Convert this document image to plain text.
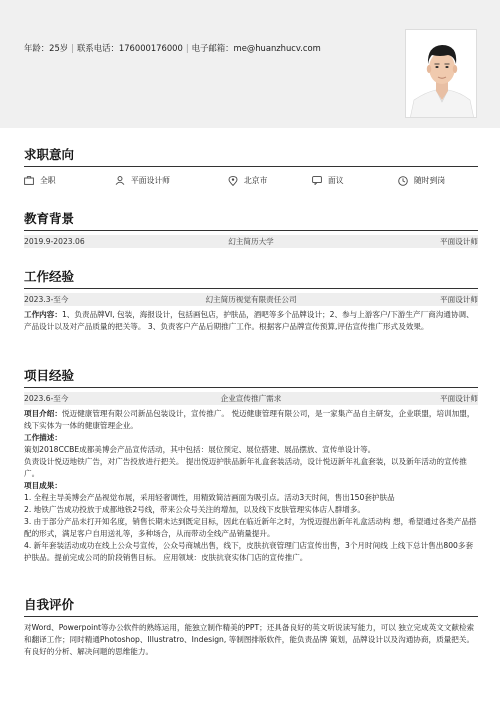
年龄：25岁 | 联系电话：176000176000 | 电子邮箱：me@huanzhucv.com
求职意向
全职	平面设计师	北京市	面议	随时到岗
教育背景
2019.9-2023.06	幻主简历大学	平面设计师
工作经验
2023.3-至今	幻主简历视觉有限责任公司	平面设计师
工作内容：1、负责品牌VI, 包装，海报设计，包括画包店，护肤品，酒吧等多个品牌设计；2、参与上游客户/下游生产厂商沟通协调、产品设计以及对产品质量的把关等。 3、负责客户产品后期推广工作。根据客户品牌宣传预算,评估宣传推广形式及效果。
项目经验
2023.6-至今	企业宣传推广需求	平面设计师
项目介绍：悦迈健康管理有限公司新品包装设计，宣传推广。 悦迈健康管理有限公司，是一家集产品自主研发，企业联盟，培训加盟，线下实体为一体的健康管理企业。
工作描述：
策划2018CCBE成都美博会产品宣传活动，其中包括：展位预定、展位搭建、展品摆放、宣传单设计等。
负责设计悦迈地铁广告，对广告投放进行把关。 提出悦迈护肤品新年礼盒套装活动，设计悦迈新年礼盒套装，以及新年活动的宣传推广。
项目成果：
1. 全程主导美博会产品视觉布展，采用轻奢调性，用精致简洁画面为吸引点。活动3天时间，售出150套护肤品
2. 地铁广告成功投放于成都地铁2号线，带来公众号关注的增加，以及线下皮肤管理实体店人群增多。
3. 由于部分产品未打开知名度，销售长期未达到既定目标，因此在临近新年之时，为悦迈提出新年礼盒活动构 想，希望通过各类产品搭配的形式，满足客户自用送礼等，多种场合，从而带动全线产品销量提升。
4. 新年套装活动成功在线上公众号宣传，公众号商城出售，线下，皮肤抗衰管理门店宣传出售，3个月时间线 上线下总计售出800多套护肤品。提前完成公司的阶段销售目标。 应用领域：皮肤抗衰实体门店的宣传推广。
自我评价
对Word、Powerpoint等办公软件的熟练运用，能独立制作精美的PPT；还具备良好的英文听说读写能力，可以 独立完成英文文献检索和翻译工作；同时精通Photoshop、Illustratro、Indesign, 等制图排版软件，能负责品牌 策划，品牌设计以及沟通协商，质量把关。有良好的分析、解决问题的思维能力。
